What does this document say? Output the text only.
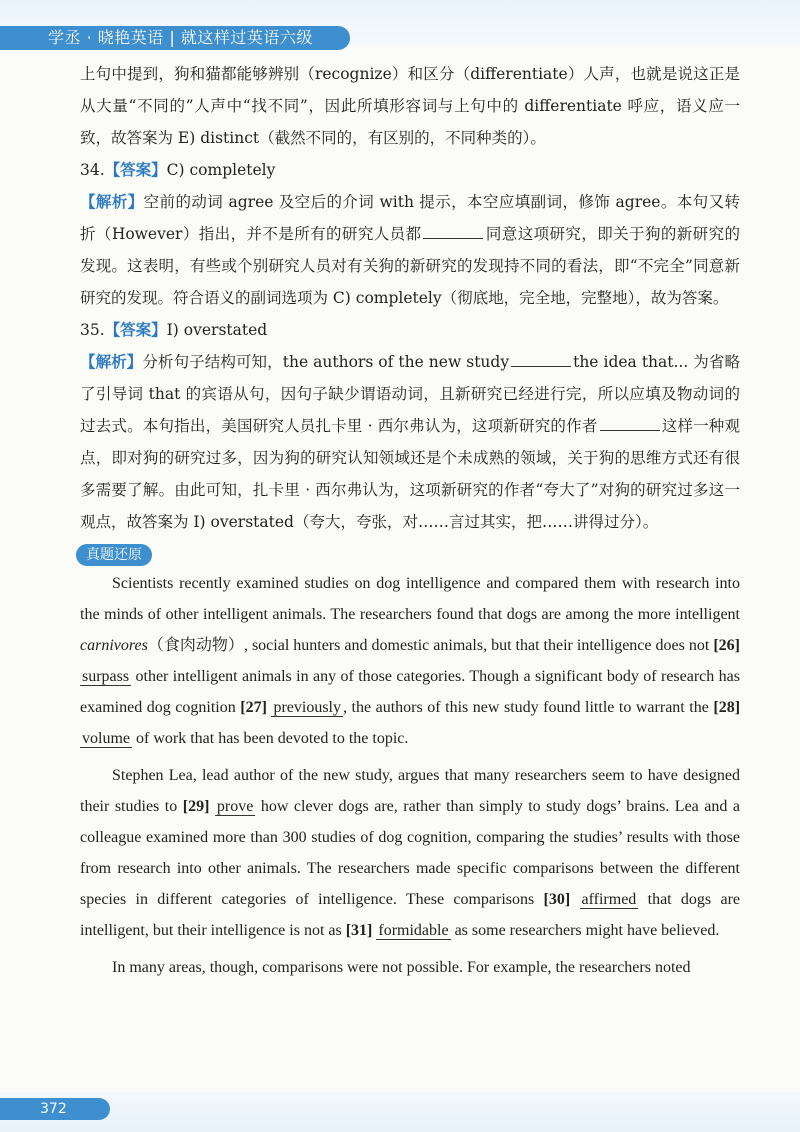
学丞 · 晓艳英语 | 就这样过英语六级

上句中提到，狗和猫都能够辨别（recognize）和区分（differentiate）人声，也就是说这正是从大量“不同的”人声中“找不同”，因此所填形容词与上句中的 differentiate 呼应，语义应一致，故答案为 E) distinct（截然不同的，有区别的，不同种类的）。

34.【答案】C) completely

【解析】空前的动词 agree 及空后的介词 with 提示，本空应填副词，修饰 agree。本句又转折（However）指出，并不是所有的研究人员都	同意这项研究，即关于狗的新研究的发现。这表明，有些或个别研究人员对有关狗的新研究的发现持不同的看法，即“不完全”同意新研究的发现。符合语义的副词选项为 C) completely（彻底地，完全地，完整地），故为答案。

35.【答案】I) overstated

【解析】分析句子结构可知，the authors of the new study	the idea that... 为省略了引导词 that 的宾语从句，因句子缺少谓语动词，且新研究已经进行完，所以应填及物动词的过去式。本句指出，美国研究人员扎卡里 · 西尔弗认为，这项新研究的作者	这样一种观点，即对狗的研究过多，因为狗的研究认知领域还是个未成熟的领域，关于狗的思维方式还有很多需要了解。由此可知，扎卡里 · 西尔弗认为，这项新研究的作者“夸大了”对狗的研究过多这一观点，故答案为 I) overstated（夸大，夸张，对……言过其实，把……讲得过分）。

真题还原

Scientists recently examined studies on dog intelligence and compared them with research into the minds of other intelligent animals. The researchers found that dogs are among the more intelligent carnivores（食肉动物）, social hunters and domestic animals, but that their intelligence does not [26] surpass other intelligent animals in any of those categories. Though a significant body of research has examined dog cognition [27] previously , the authors of this new study found little to warrant the [28] volume of work that has been devoted to the topic.

Stephen Lea, lead author of the new study, argues that many researchers seem to have designed their studies to [29] prove how clever dogs are, rather than simply to study dogs’ brains. Lea and a colleague examined more than 300 studies of dog cognition, comparing the studies’ results with those from research into other animals. The researchers made specific comparisons between the different species in different categories of intelligence. These comparisons [30] affirmed that dogs are intelligent, but their intelligence is not as [31] formidable as some researchers might have believed.

In many areas, though, comparisons were not possible. For example, the researchers noted

372
